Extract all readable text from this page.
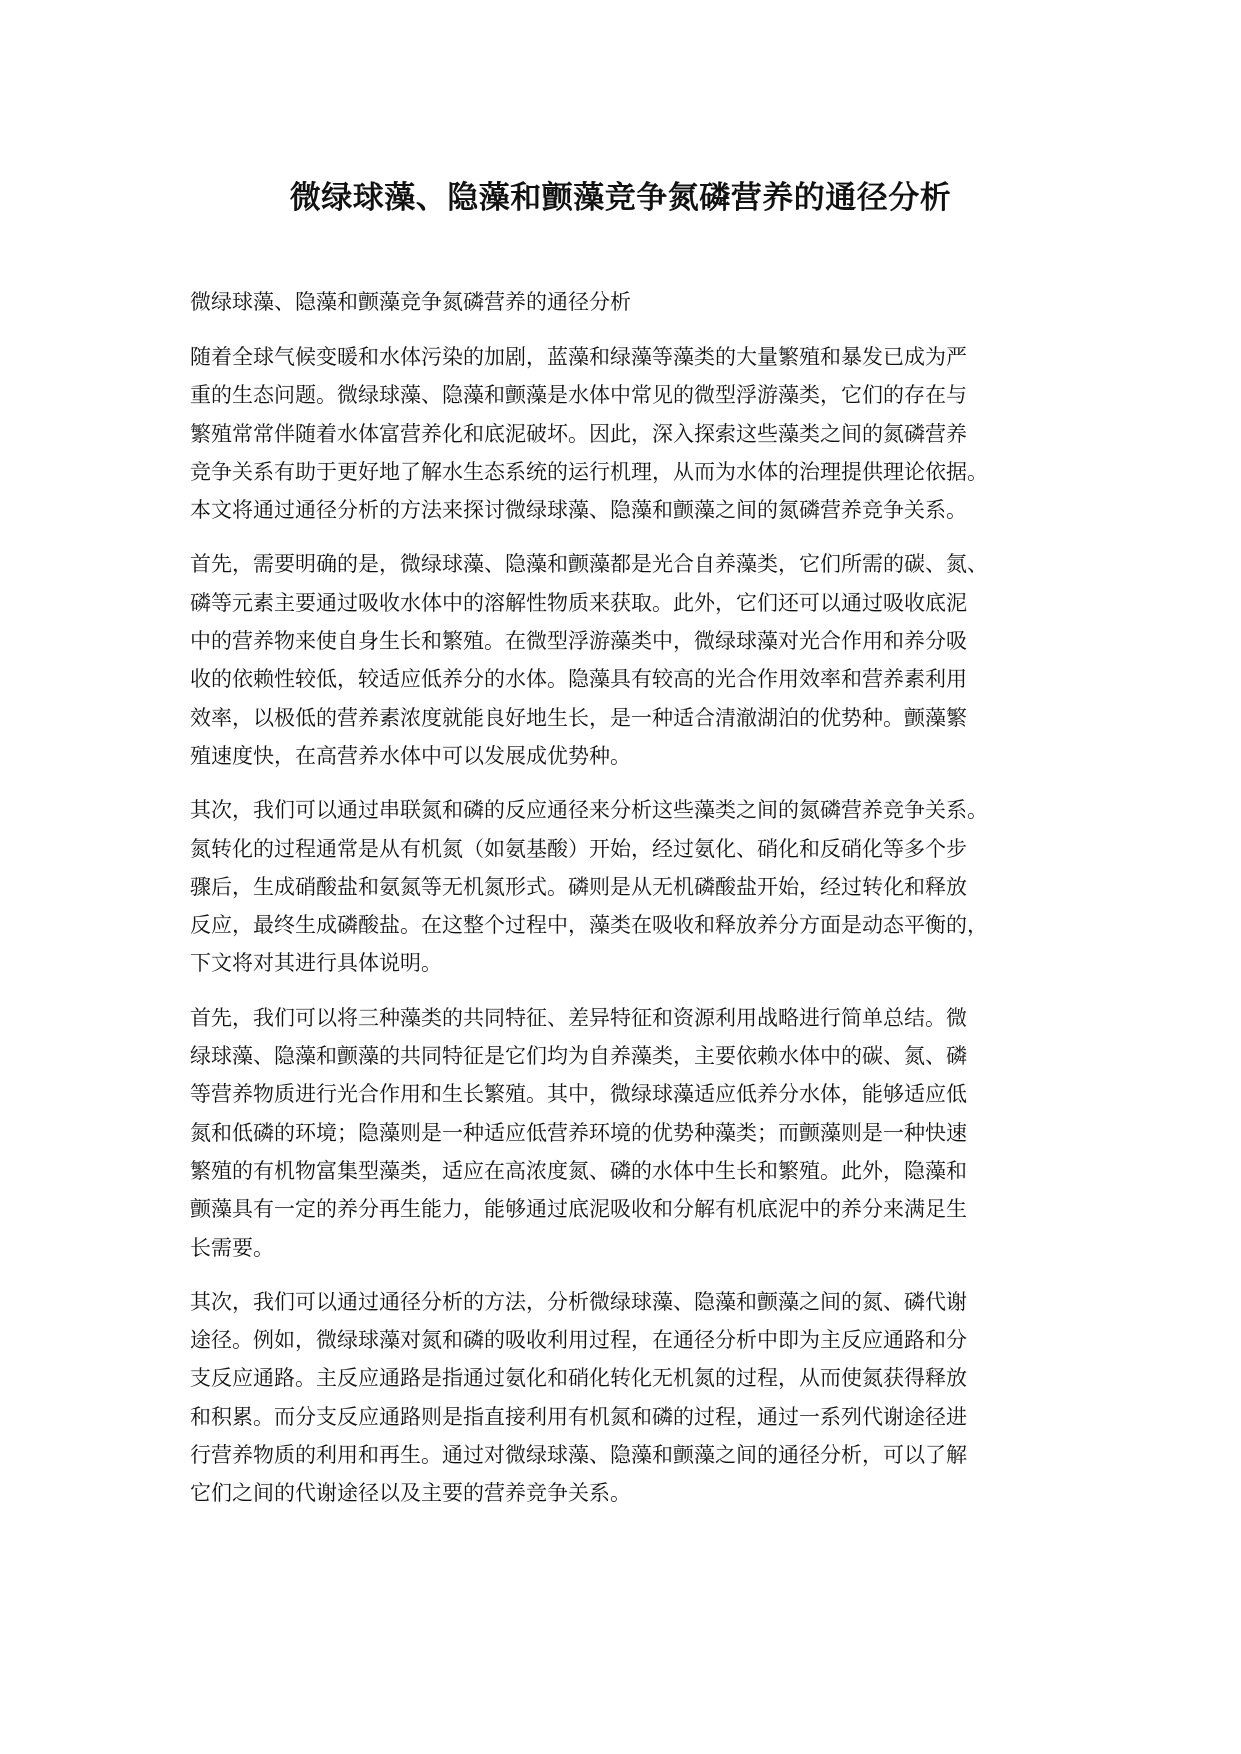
微绿球藻、隐藻和颤藻竞争氮磷营养的通径分析

微绿球藻、隐藻和颤藻竞争氮磷营养的通径分析

随着全球气候变暖和水体污染的加剧，蓝藻和绿藻等藻类的大量繁殖和暴发已成为严
重的生态问题。微绿球藻、隐藻和颤藻是水体中常见的微型浮游藻类，它们的存在与
繁殖常常伴随着水体富营养化和底泥破坏。因此，深入探索这些藻类之间的氮磷营养
竞争关系有助于更好地了解水生态系统的运行机理，从而为水体的治理提供理论依据。
本文将通过通径分析的方法来探讨微绿球藻、隐藻和颤藻之间的氮磷营养竞争关系。

首先，需要明确的是，微绿球藻、隐藻和颤藻都是光合自养藻类，它们所需的碳、氮、
磷等元素主要通过吸收水体中的溶解性物质来获取。此外，它们还可以通过吸收底泥
中的营养物来使自身生长和繁殖。在微型浮游藻类中，微绿球藻对光合作用和养分吸
收的依赖性较低，较适应低养分的水体。隐藻具有较高的光合作用效率和营养素利用
效率，以极低的营养素浓度就能良好地生长，是一种适合清澈湖泊的优势种。颤藻繁
殖速度快，在高营养水体中可以发展成优势种。

其次，我们可以通过串联氮和磷的反应通径来分析这些藻类之间的氮磷营养竞争关系。
氮转化的过程通常是从有机氮（如氨基酸）开始，经过氨化、硝化和反硝化等多个步
骤后，生成硝酸盐和氨氮等无机氮形式。磷则是从无机磷酸盐开始，经过转化和释放
反应，最终生成磷酸盐。在这整个过程中，藻类在吸收和释放养分方面是动态平衡的，
下文将对其进行具体说明。

首先，我们可以将三种藻类的共同特征、差异特征和资源利用战略进行简单总结。微
绿球藻、隐藻和颤藻的共同特征是它们均为自养藻类，主要依赖水体中的碳、氮、磷
等营养物质进行光合作用和生长繁殖。其中，微绿球藻适应低养分水体，能够适应低
氮和低磷的环境；隐藻则是一种适应低营养环境的优势种藻类；而颤藻则是一种快速
繁殖的有机物富集型藻类，适应在高浓度氮、磷的水体中生长和繁殖。此外，隐藻和
颤藻具有一定的养分再生能力，能够通过底泥吸收和分解有机底泥中的养分来满足生
长需要。

其次，我们可以通过通径分析的方法，分析微绿球藻、隐藻和颤藻之间的氮、磷代谢
途径。例如，微绿球藻对氮和磷的吸收利用过程，在通径分析中即为主反应通路和分
支反应通路。主反应通路是指通过氨化和硝化转化无机氮的过程，从而使氮获得释放
和积累。而分支反应通路则是指直接利用有机氮和磷的过程，通过一系列代谢途径进
行营养物质的利用和再生。通过对微绿球藻、隐藻和颤藻之间的通径分析，可以了解
它们之间的代谢途径以及主要的营养竞争关系。
